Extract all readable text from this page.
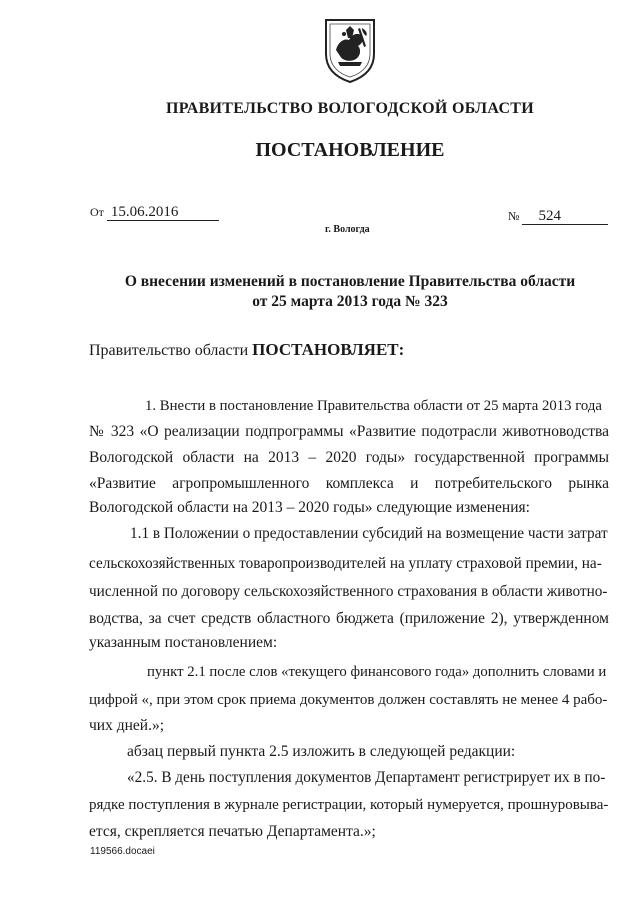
ПРАВИТЕЛЬСТВО ВОЛОГОДСКОЙ ОБЛАСТИ
ПОСТАНОВЛЕНИЕ
От 15.06.2016	№ 524
г. Вологда
О внесении изменений в постановление Правительства области
от 25 марта 2013 года № 323
Правительство области ПОСТАНОВЛЯЕТ:
1. Внести в постановление Правительства области от 25 марта 2013 года
№ 323 «О реализации подпрограммы «Развитие подотрасли животноводства
Вологодской области на 2013 – 2020 годы» государственной программы
«Развитие агропромышленного комплекса и потребительского рынка
Вологодской области на 2013 – 2020 годы» следующие изменения:
1.1 в Положении о предоставлении субсидий на возмещение части затрат
сельскохозяйственных товаропроизводителей на уплату страховой премии, на-
численной по договору сельскохозяйственного страхования в области животно-
водства, за счет средств областного бюджета (приложение 2), утвержденном
указанным постановлением:
пункт 2.1 после слов «текущего финансового года» дополнить словами и
цифрой «, при этом срок приема документов должен составлять не менее 4 рабо-
чих дней.»;
абзац первый пункта 2.5 изложить в следующей редакции:
«2.5. В день поступления документов Департамент регистрирует их в по-
рядке поступления в журнале регистрации, который нумеруется, прошнуровыва-
ется, скрепляется печатью Департамента.»;
119566.docaei
